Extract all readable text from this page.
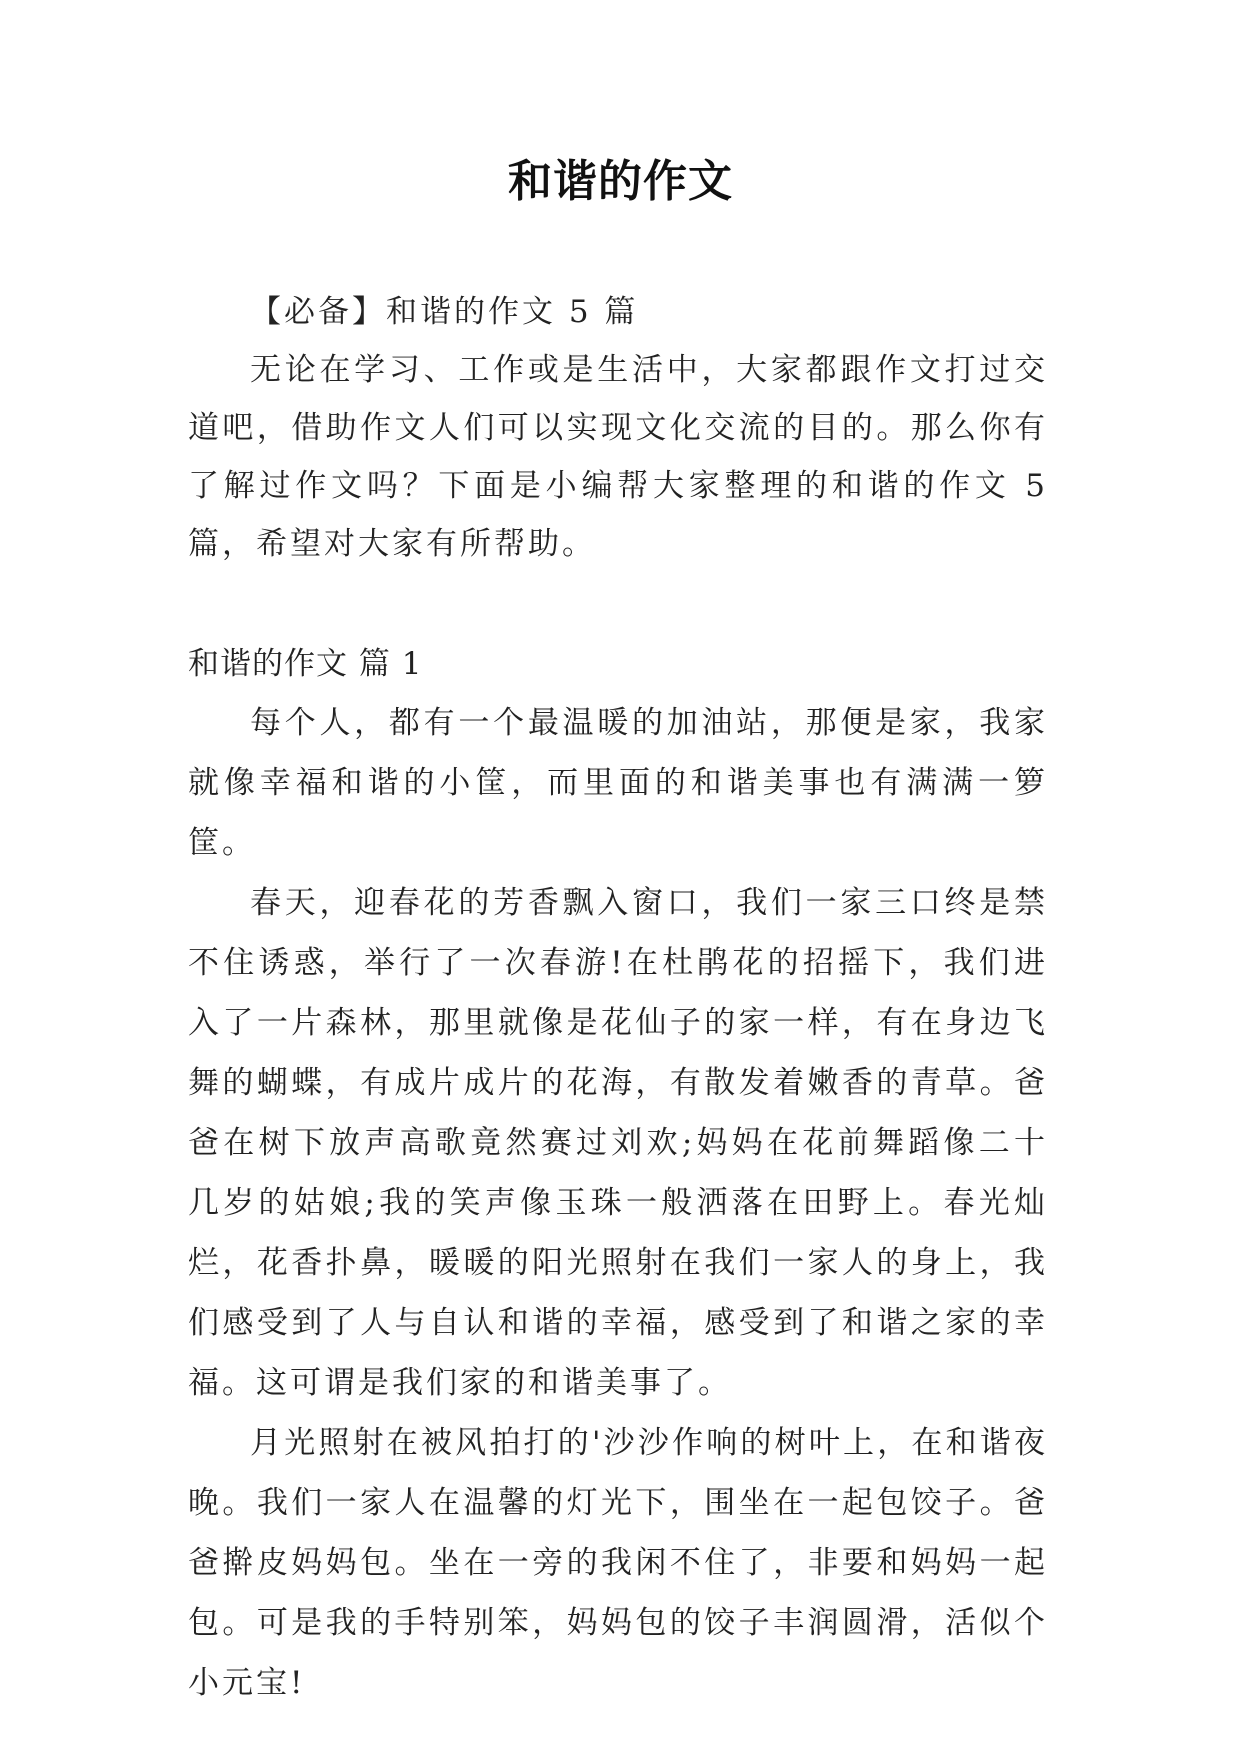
和谐的作文

【必备】和谐的作文 5 篇

无论在学习、工作或是生活中，大家都跟作文打过交道吧，借助作文人们可以实现文化交流的目的。那么你有了解过作文吗？下面是小编帮大家整理的和谐的作文 5 篇，希望对大家有所帮助。

和谐的作文 篇 1

每个人，都有一个最温暖的加油站，那便是家，我家就像幸福和谐的小筐，而里面的和谐美事也有满满一箩筐。

春天，迎春花的芳香飘入窗口，我们一家三口终是禁不住诱惑，举行了一次春游!在杜鹃花的招摇下，我们进入了一片森林，那里就像是花仙子的家一样，有在身边飞舞的蝴蝶，有成片成片的花海，有散发着嫩香的青草。爸爸在树下放声高歌竟然赛过刘欢;妈妈在花前舞蹈像二十几岁的姑娘;我的笑声像玉珠一般洒落在田野上。春光灿烂，花香扑鼻，暖暖的阳光照射在我们一家人的身上，我们感受到了人与自认和谐的幸福，感受到了和谐之家的幸福。这可谓是我们家的和谐美事了。

月光照射在被风拍打的'沙沙作响的树叶上，在和谐夜晚。我们一家人在温馨的灯光下，围坐在一起包饺子。爸爸擀皮妈妈包。坐在一旁的我闲不住了，非要和妈妈一起包。可是我的手特别笨，妈妈包的饺子丰润圆滑，活似个小元宝!
